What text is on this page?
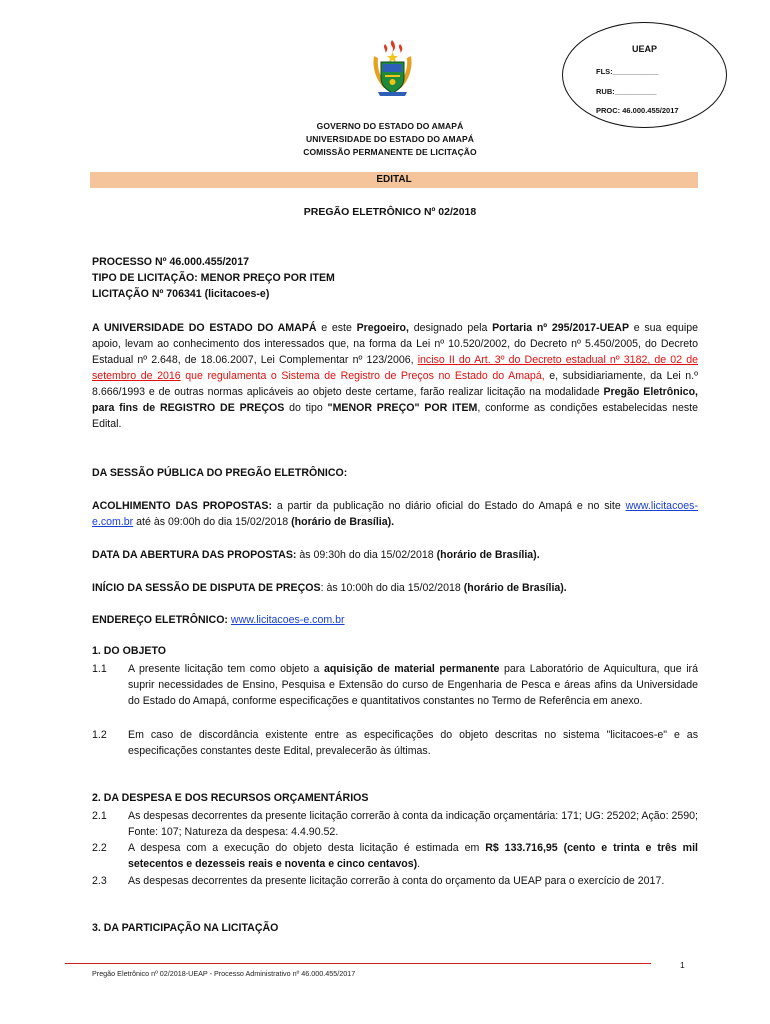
UEAP
FLS:___________
RUB:__________
PROC: 46.000.455/2017
GOVERNO DO ESTADO DO AMAPÁ
UNIVERSIDADE DO ESTADO DO AMAPÁ
COMISSÃO PERMANENTE DE LICITAÇÃO
EDITAL
PREGÃO ELETRÔNICO Nº 02/2018
PROCESSO Nº 46.000.455/2017
TIPO DE LICITAÇÃO: MENOR PREÇO POR ITEM
LICITAÇÃO Nº 706341 (licitacoes-e)
A UNIVERSIDADE DO ESTADO DO AMAPÁ e este Pregoeiro, designado pela Portaria nº 295/2017-UEAP e sua equipe apoio, levam ao conhecimento dos interessados que, na forma da Lei nº 10.520/2002, do Decreto nº 5.450/2005, do Decreto Estadual nº 2.648, de 18.06.2007, Lei Complementar nº 123/2006, inciso II do Art. 3º do Decreto estadual nº 3182, de 02 de setembro de 2016 que regulamenta o Sistema de Registro de Preços no Estado do Amapá, e, subsidiariamente, da Lei n.º 8.666/1993 e de outras normas aplicáveis ao objeto deste certame, farão realizar licitação na modalidade Pregão Eletrônico, para fins de REGISTRO DE PREÇOS do tipo "MENOR PREÇO" POR ITEM, conforme as condições estabelecidas neste Edital.
DA SESSÃO PÚBLICA DO PREGÃO ELETRÔNICO:
ACOLHIMENTO DAS PROPOSTAS: a partir da publicação no diário oficial do Estado do Amapá e no site www.licitacoes-e.com.br até às 09:00h do dia 15/02/2018 (horário de Brasília).
DATA DA ABERTURA DAS PROPOSTAS: às 09:30h do dia 15/02/2018 (horário de Brasília).
INÍCIO DA SESSÃO DE DISPUTA DE PREÇOS: às 10:00h do dia 15/02/2018 (horário de Brasília).
ENDEREÇO ELETRÔNICO: www.licitacoes-e.com.br
1. DO OBJETO
1.1 A presente licitação tem como objeto a aquisição de material permanente para Laboratório de Aquicultura, que irá suprir necessidades de Ensino, Pesquisa e Extensão do curso de Engenharia de Pesca e áreas afins da Universidade do Estado do Amapá, conforme especificações e quantitativos constantes no Termo de Referência em anexo.
1.2 Em caso de discordância existente entre as especificações do objeto descritas no sistema "licitacoes-e" e as especificações constantes deste Edital, prevalecerão às últimas.
2. DA DESPESA E DOS RECURSOS ORÇAMENTÁRIOS
2.1 As despesas decorrentes da presente licitação correrão à conta da indicação orçamentária: 171; UG: 25202; Ação: 2590; Fonte: 107; Natureza da despesa: 4.4.90.52.
2.2 A despesa com a execução do objeto desta licitação é estimada em R$ 133.716,95 (cento e trinta e três mil setecentos e dezesseis reais e noventa e cinco centavos).
2.3 As despesas decorrentes da presente licitação correrão à conta do orçamento da UEAP para o exercício de 2017.
3. DA PARTICIPAÇÃO NA LICITAÇÃO
1
Pregão Eletrônico nº 02/2018-UEAP - Processo Administrativo nº 46.000.455/2017
